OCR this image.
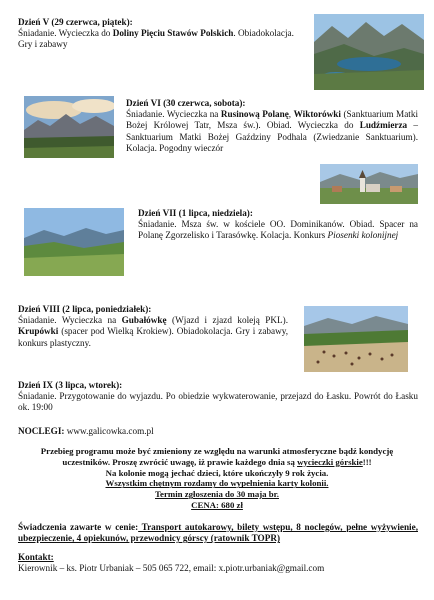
Dzień V (29 czerwca, piątek):
Śniadanie. Wycieczka do Doliny Pięciu Stawów Polskich. Obiadokolacja. Gry i zabawy
Dzień VI (30 czerwca, sobota):
Śniadanie. Wycieczka na Rusinową Polanę, Wiktorówki (Sanktuarium Matki Bożej Królowej Tatr, Msza św.). Obiad. Wycieczka do Ludźmierza – Sanktuarium Matki Bożej Gaździny Podhala (Zwiedzanie Sanktuarium). Kolacja. Pogodny wieczór
Dzień VII (1 lipca, niedziela):
Śniadanie. Msza św. w kościele OO. Dominikanów. Obiad. Spacer na Polanę Zgorzelisko i Tarasówkę. Kolacja. Konkurs Piosenki kolonijnej
Dzień VIII (2 lipca, poniedziałek):
Śniadanie. Wycieczka na Gubałówkę (Wjazd i zjazd koleją PKL). Krupówki (spacer pod Wielką Krokiew). Obiadokolacja. Gry i zabawy, konkurs plastyczny.
Dzień IX (3 lipca, wtorek):
Śniadanie. Przygotowanie do wyjazdu. Po obiedzie wykwaterowanie, przejazd do Łasku. Powrót do Łasku ok. 19:00
NOCLEGI: www.galicowka.com.pl
Przebieg programu może być zmieniony ze względu na warunki atmosferyczne bądź kondycję
uczestników. Proszę zwrócić uwagę, iż prawie każdego dnia są wycieczki górskie!!!
Na kolonie mogą jechać dzieci, które ukończyły 9 rok życia.
Wszystkim chętnym rozdamy do wypełnienia karty kolonii.
Termin zgłoszenia do 30 maja br.
CENA: 680 zł
Świadczenia zawarte w cenie: Transport autokarowy, bilety wstępu, 8 noclegów, pełne wyżywienie, ubezpieczenie, 4 opiekunów, przewodnicy górscy (ratownik TOPR)
Kontakt:
Kierownik – ks. Piotr Urbaniak – 505 065 722, email: x.piotr.urbaniak@gmail.com
